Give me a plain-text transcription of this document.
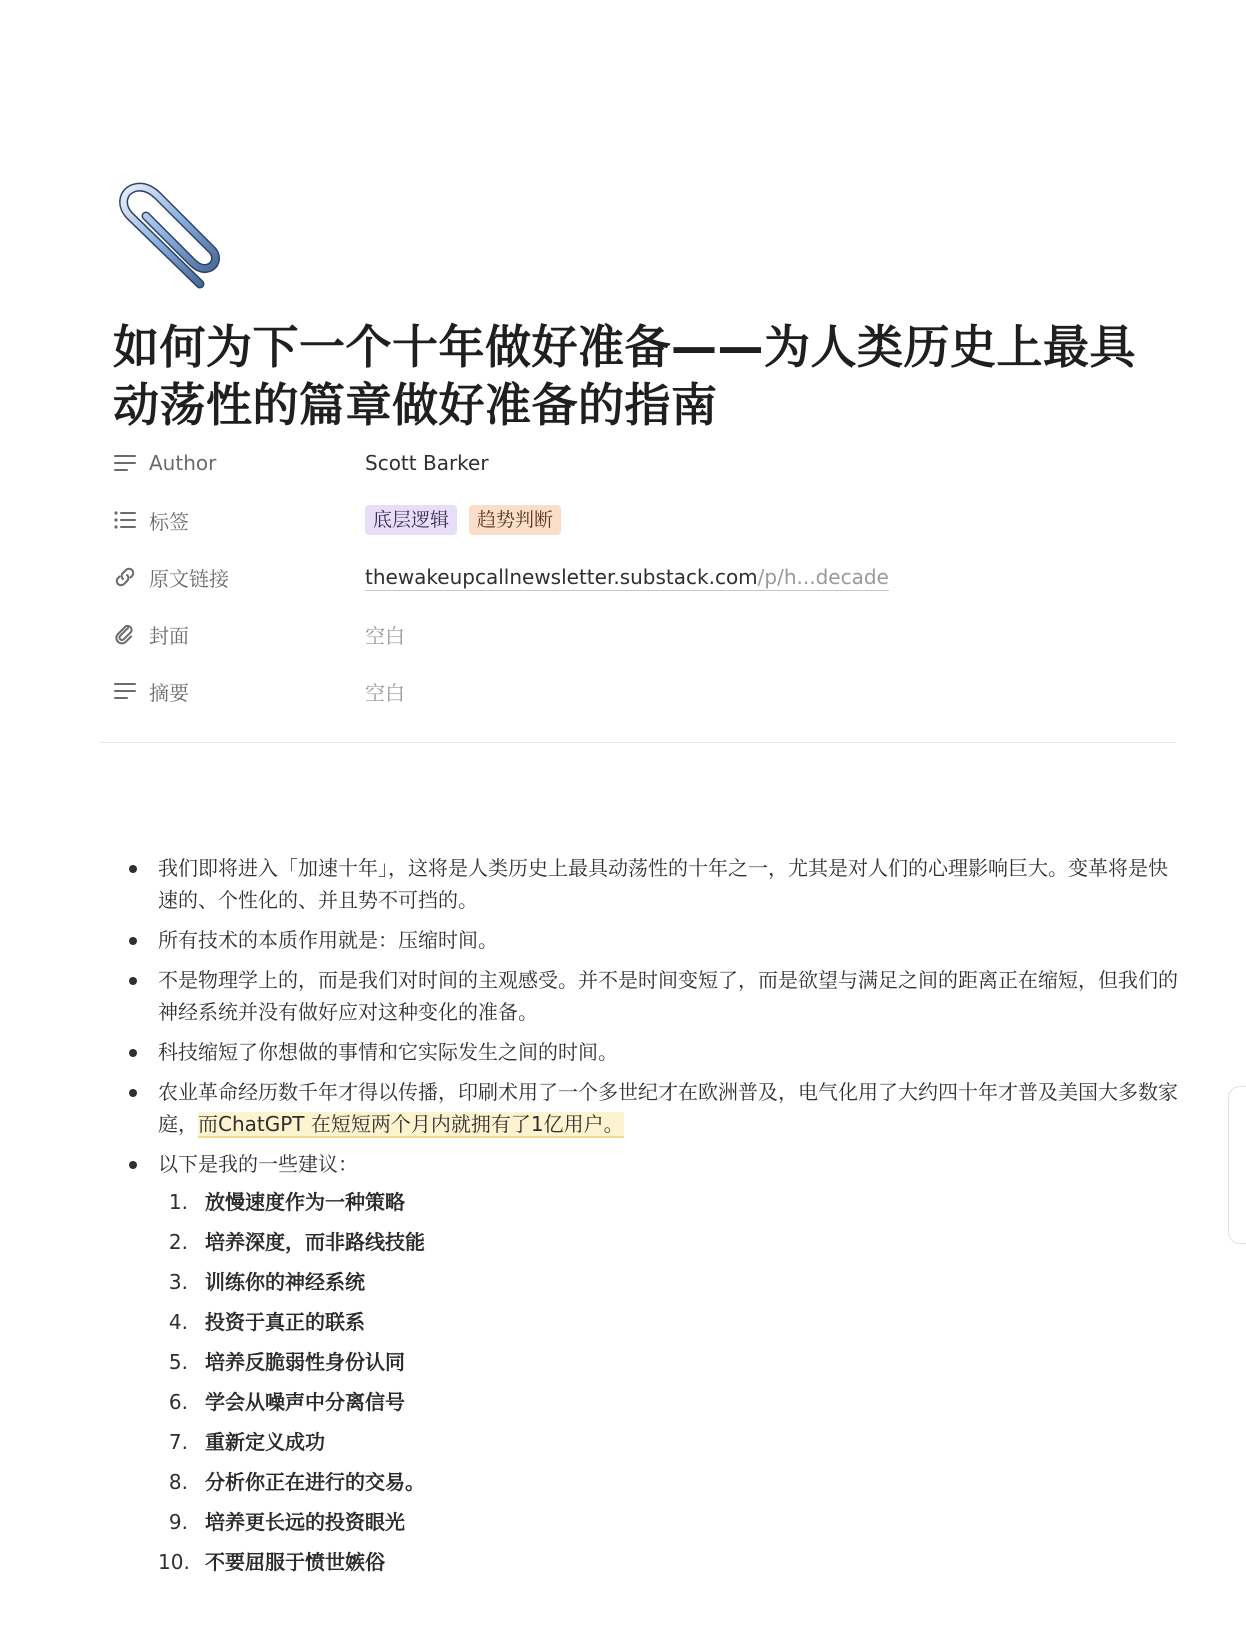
如何为下一个十年做好准备——为人类历史上最具动荡性的篇章做好准备的指南
Author	Scott Barker
标签	底层逻辑	趋势判断
原文链接	thewakeupcallnewsletter.substack.com/p/h...decade
封面	空白
摘要	空白
我们即将进入「加速十年」，这将是人类历史上最具动荡性的十年之一，尤其是对人们的心理影响巨大。变革将是快速的、个性化的、并且势不可挡的。
所有技术的本质作用就是：压缩时间。
不是物理学上的，而是我们对时间的主观感受。并不是时间变短了，而是欲望与满足之间的距离正在缩短，但我们的神经系统并没有做好应对这种变化的准备。
科技缩短了你想做的事情和它实际发生之间的时间。
农业革命经历数千年才得以传播，印刷术用了一个多世纪才在欧洲普及，电气化用了大约四十年才普及美国大多数家庭，而ChatGPT 在短短两个月内就拥有了1亿用户。
以下是我的一些建议：
1. 放慢速度作为一种策略
2. 培养深度，而非路线技能
3. 训练你的神经系统
4. 投资于真正的联系
5. 培养反脆弱性身份认同
6. 学会从噪声中分离信号
7. 重新定义成功
8. 分析你正在进行的交易。
9. 培养更长远的投资眼光
10. 不要屈服于愤世嫉俗
